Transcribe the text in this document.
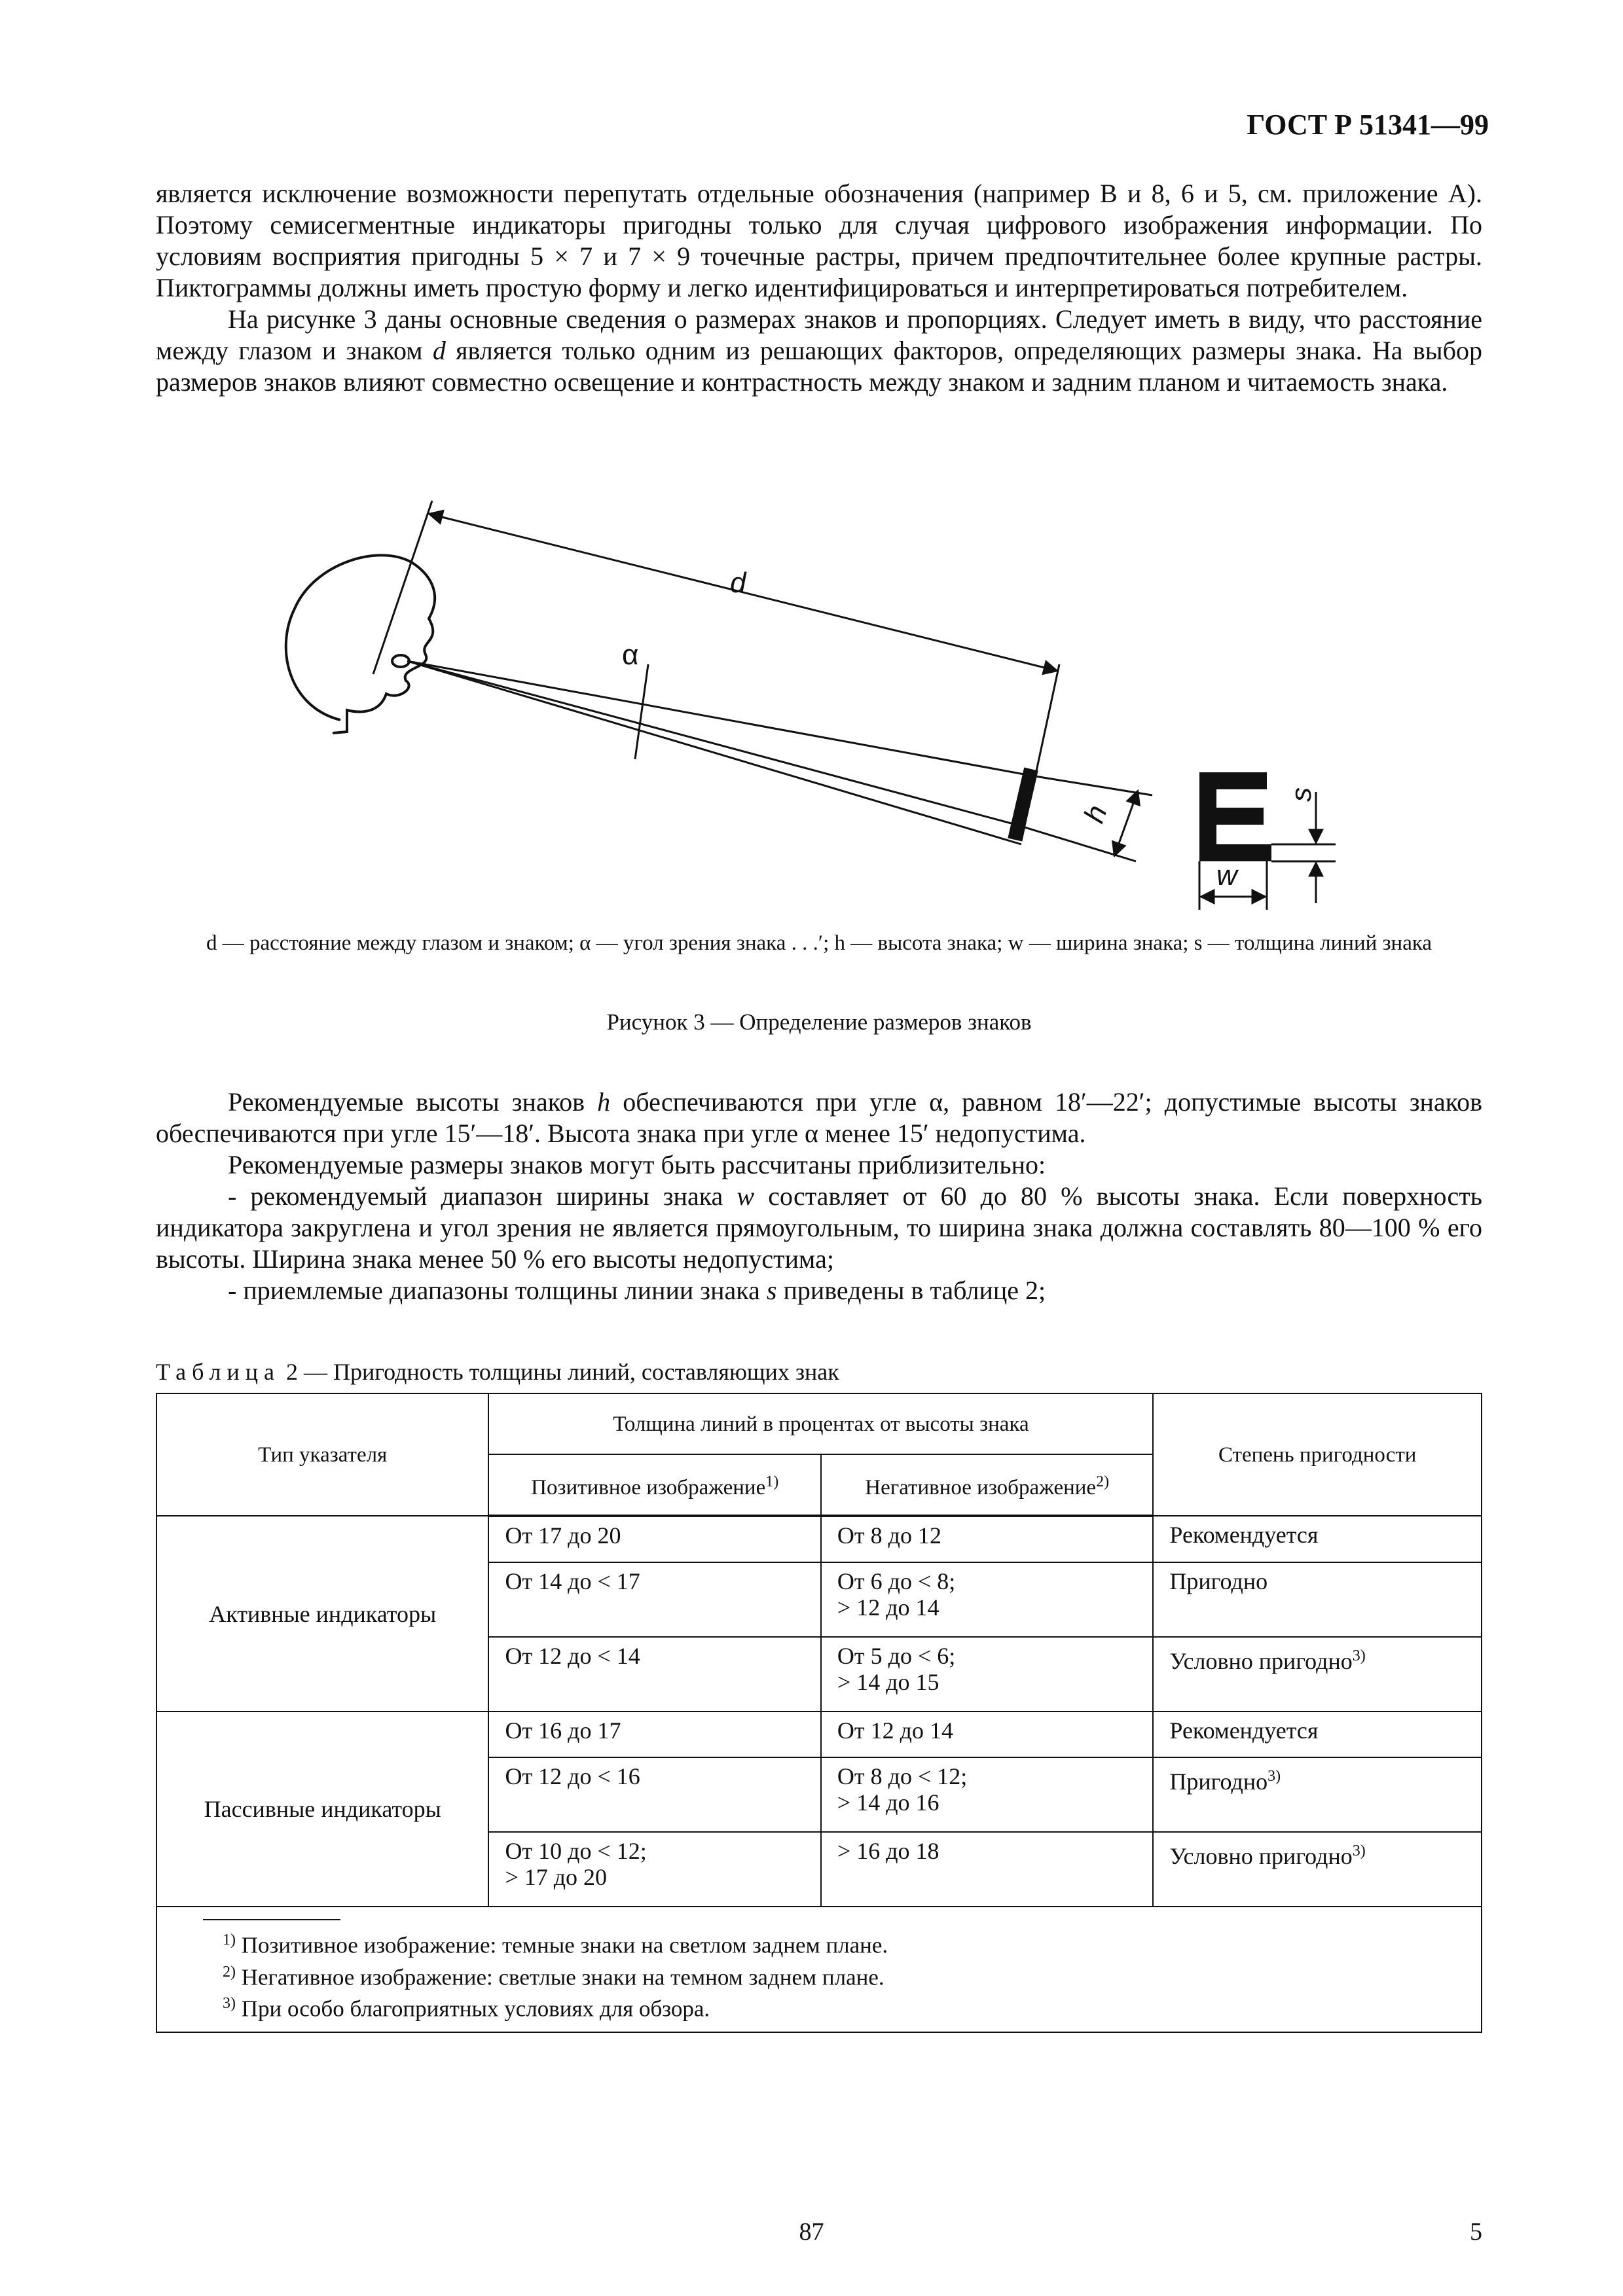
ГОСТ Р 51341—99

является исключение возможности перепутать отдельные обозначения (например В и 8, 6 и 5, см. приложение А). Поэтому семисегментные индикаторы пригодны только для случая цифрового изображения информации. По условиям восприятия пригодны 5 × 7 и 7 × 9 точечные растры, причем предпочтительнее более крупные растры. Пиктограммы должны иметь простую форму и легко идентифицироваться и интерпретироваться потребителем.

На рисунке 3 даны основные сведения о размерах знаков и пропорциях. Следует иметь в виду, что расстояние между глазом и знаком d является только одним из решающих факторов, определяющих размеры знака. На выбор размеров знаков влияют совместно освещение и контрастность между знаком и задним планом и читаемость знака.

d
h
α
s
w
d — расстояние между глазом и знаком; α — угол зрения знака . . .′; h — высота знака; w — ширина знака; s — толщина линий знака
Рисунок 3 — Определение размеров знаков

Рекомендуемые высоты знаков h обеспечиваются при угле α, равном 18′—22′; допустимые высоты знаков обеспечиваются при угле 15′—18′. Высота знака при угле α менее 15′ недопустима.

Рекомендуемые размеры знаков могут быть рассчитаны приблизительно:

- рекомендуемый диапазон ширины знака w составляет от 60 до 80 % высоты знака. Если поверхность индикатора закруглена и угол зрения не является прямоугольным, то ширина знака должна составлять 80—100 % его высоты. Ширина знака менее 50 % его высоты недопустима;

- приемлемые диапазоны толщины линии знака s приведены в таблице 2;

Таблица 2 — Пригодность толщины линий, составляющих знак
Тип указателя	Толщина линий в процентах от высоты знака		Степень пригодности
	Позитивное изображение$^{1)}$	Негативное изображение$^{2)}$
Активные индикаторы	От 17 до 20	От 8 до 12	Рекомендуется

	От 14 до < 17	От 6 до < 8;
> 12 до 14	Пригодно

	От 12 до < 14	От 5 до < 6;
> 14 до 15	Условно пригодно$^{3)}$
Пассивные индикаторы	От 16 до 17	От 12 до 14	Рекомендуется

	От 12 до < 16	От 8 до < 12;
> 14 до 16	Пригодно$^{3)}$

	От 10 до < 12;
> 17 до 20	> 16 до 18	Условно пригодно$^{3)}$

$^{1)}$ Позитивное изображение: темные знаки на светлом заднем плане.
$^{2)}$ Негативное изображение: светлые знаки на темном заднем плане.
$^{3)}$ При особо благоприятных условиях для обзора.			
87	5
